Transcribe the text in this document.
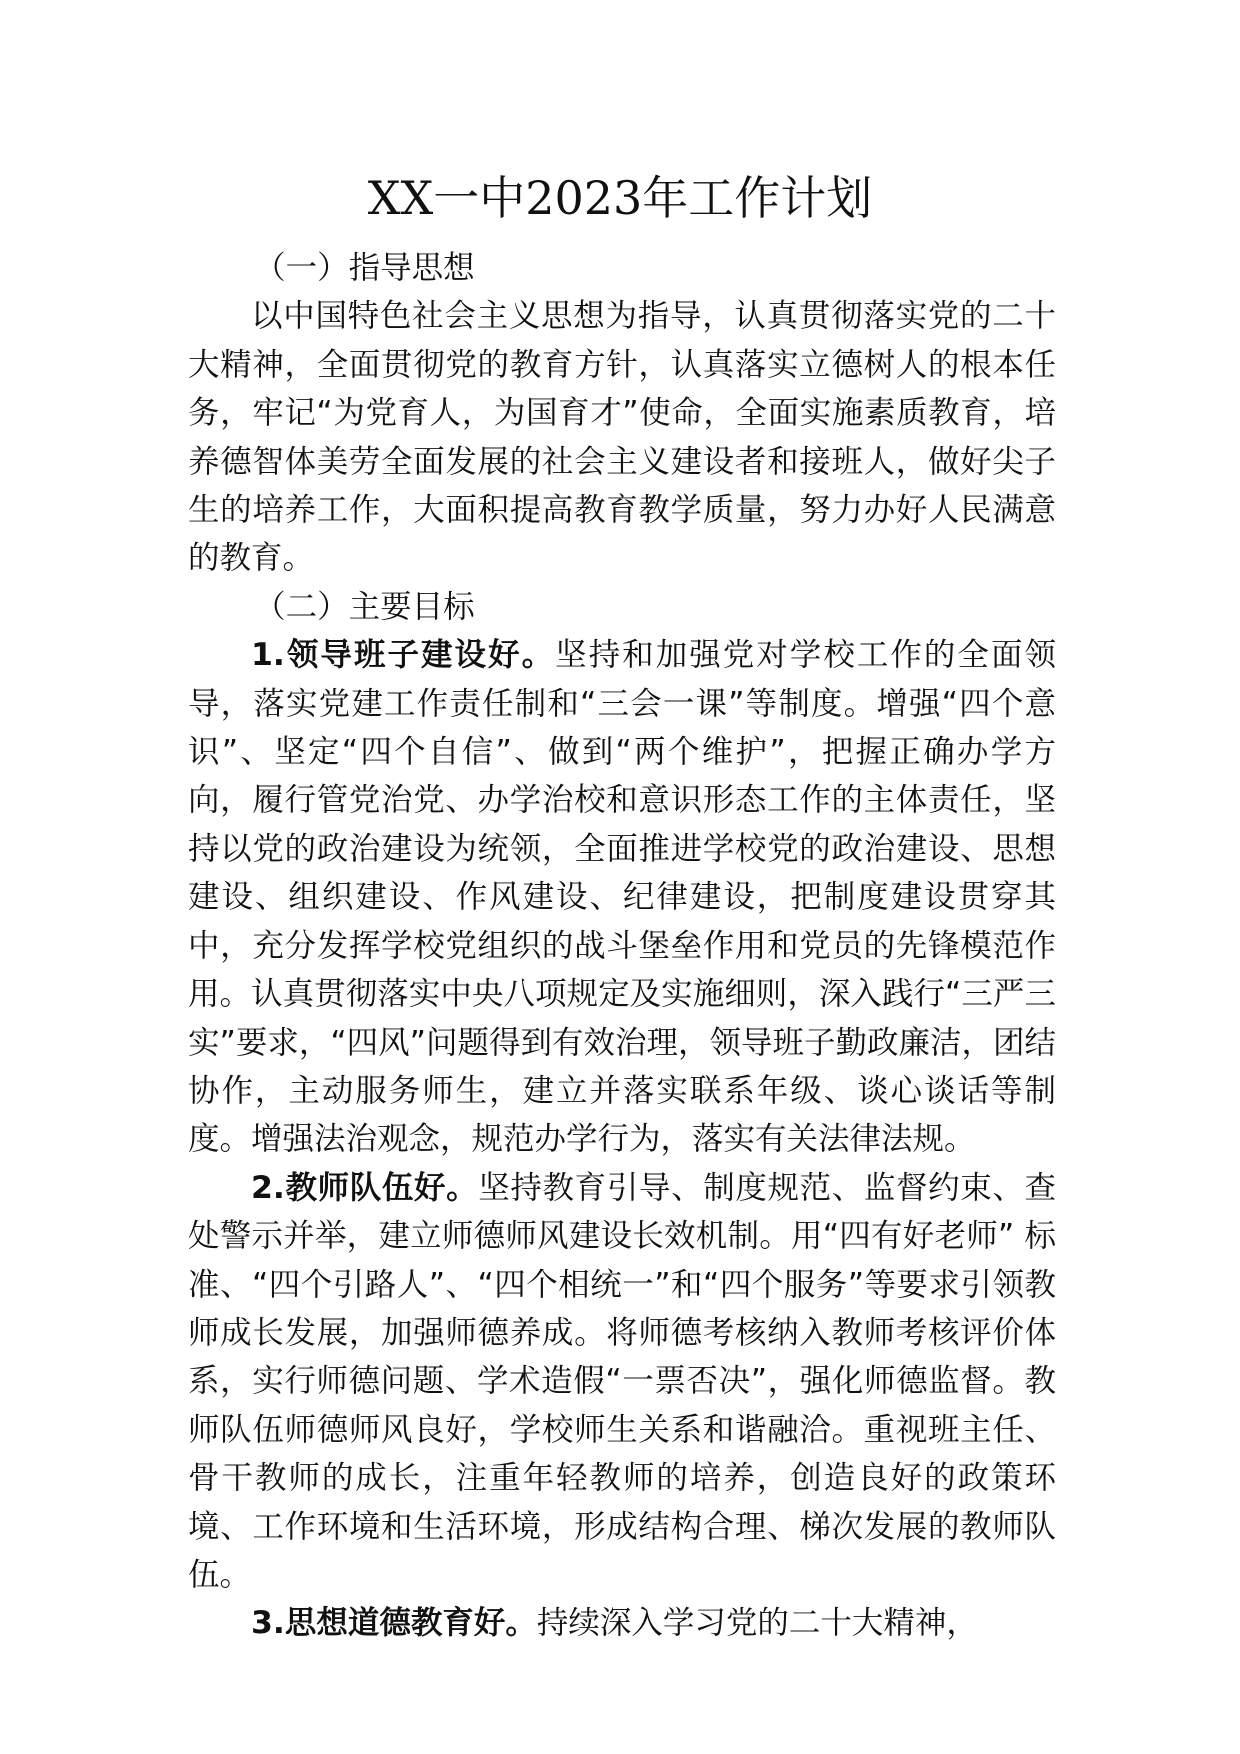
XX一中2023年工作计划

（一）指导思想

以中国特色社会主义思想为指导，认真贯彻落实党的二十大精神，全面贯彻党的教育方针，认真落实立德树人的根本任务，牢记“为党育人，为国育才”使命，全面实施素质教育，培养德智体美劳全面发展的社会主义建设者和接班人，做好尖子生的培养工作，大面积提高教育教学质量，努力办好人民满意的教育。

（二）主要目标

1.领导班子建设好。坚持和加强党对学校工作的全面领导，落实党建工作责任制和“三会一课”等制度。增强“四个意识”、坚定“四个自信”、做到“两个维护”，把握正确办学方向，履行管党治党、办学治校和意识形态工作的主体责任，坚持以党的政治建设为统领，全面推进学校党的政治建设、思想建设、组织建设、作风建设、纪律建设，把制度建设贯穿其中，充分发挥学校党组织的战斗堡垒作用和党员的先锋模范作用。认真贯彻落实中央八项规定及实施细则，深入践行“三严三实”要求，“四风”问题得到有效治理，领导班子勤政廉洁，团结协作，主动服务师生，建立并落实联系年级、谈心谈话等制度。增强法治观念，规范办学行为，落实有关法律法规。

2.教师队伍好。坚持教育引导、制度规范、监督约束、查处警示并举，建立师德师风建设长效机制。用“四有好老师” 标准、“四个引路人”、“四个相统一”和“四个服务”等要求引领教师成长发展，加强师德养成。将师德考核纳入教师考核评价体系，实行师德问题、学术造假“一票否决”，强化师德监督。教师队伍师德师风良好，学校师生关系和谐融洽。重视班主任、骨干教师的成长，注重年轻教师的培养，创造良好的政策环境、工作环境和生活环境，形成结构合理、梯次发展的教师队伍。

3.思想道德教育好。持续深入学习党的二十大精神，
